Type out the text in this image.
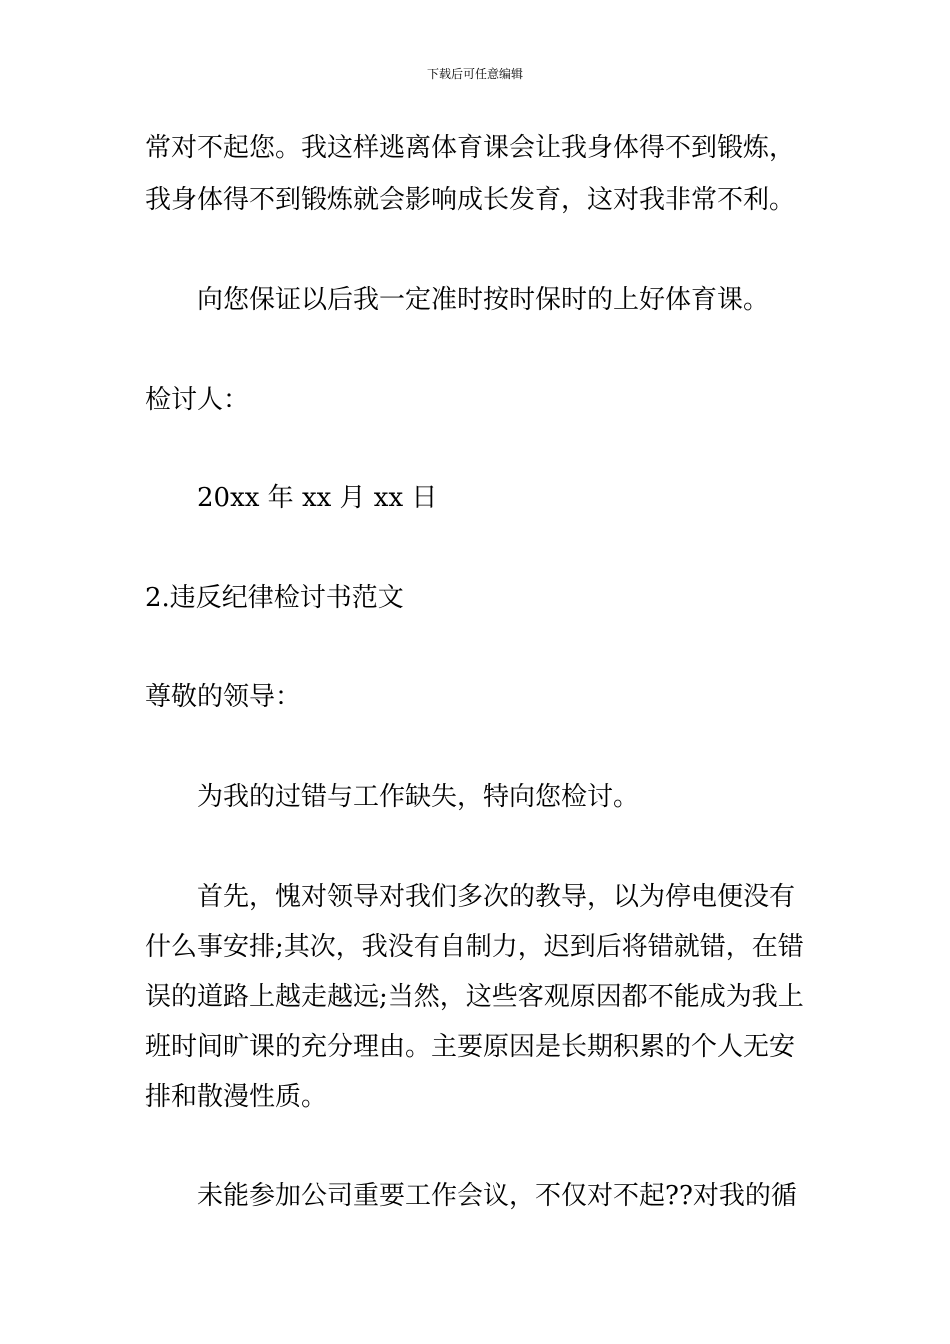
下载后可任意编辑
常对不起您。我这样逃离体育课会让我身体得不到锻炼，
我身体得不到锻炼就会影响成长发育，这对我非常不利。
向您保证以后我一定准时按时保时的上好体育课。
检讨人：
20xx 年 xx 月 xx 日
2.违反纪律检讨书范文
尊敬的领导：
为我的过错与工作缺失，特向您检讨。
首先，愧对领导对我们多次的教导，以为停电便没有
什么事安排;其次，我没有自制力，迟到后将错就错，在错
误的道路上越走越远;当然，这些客观原因都不能成为我上
班时间旷课的充分理由。主要原因是长期积累的个人无安
排和散漫性质。
未能参加公司重要工作会议，不仅对不起??对我的循
